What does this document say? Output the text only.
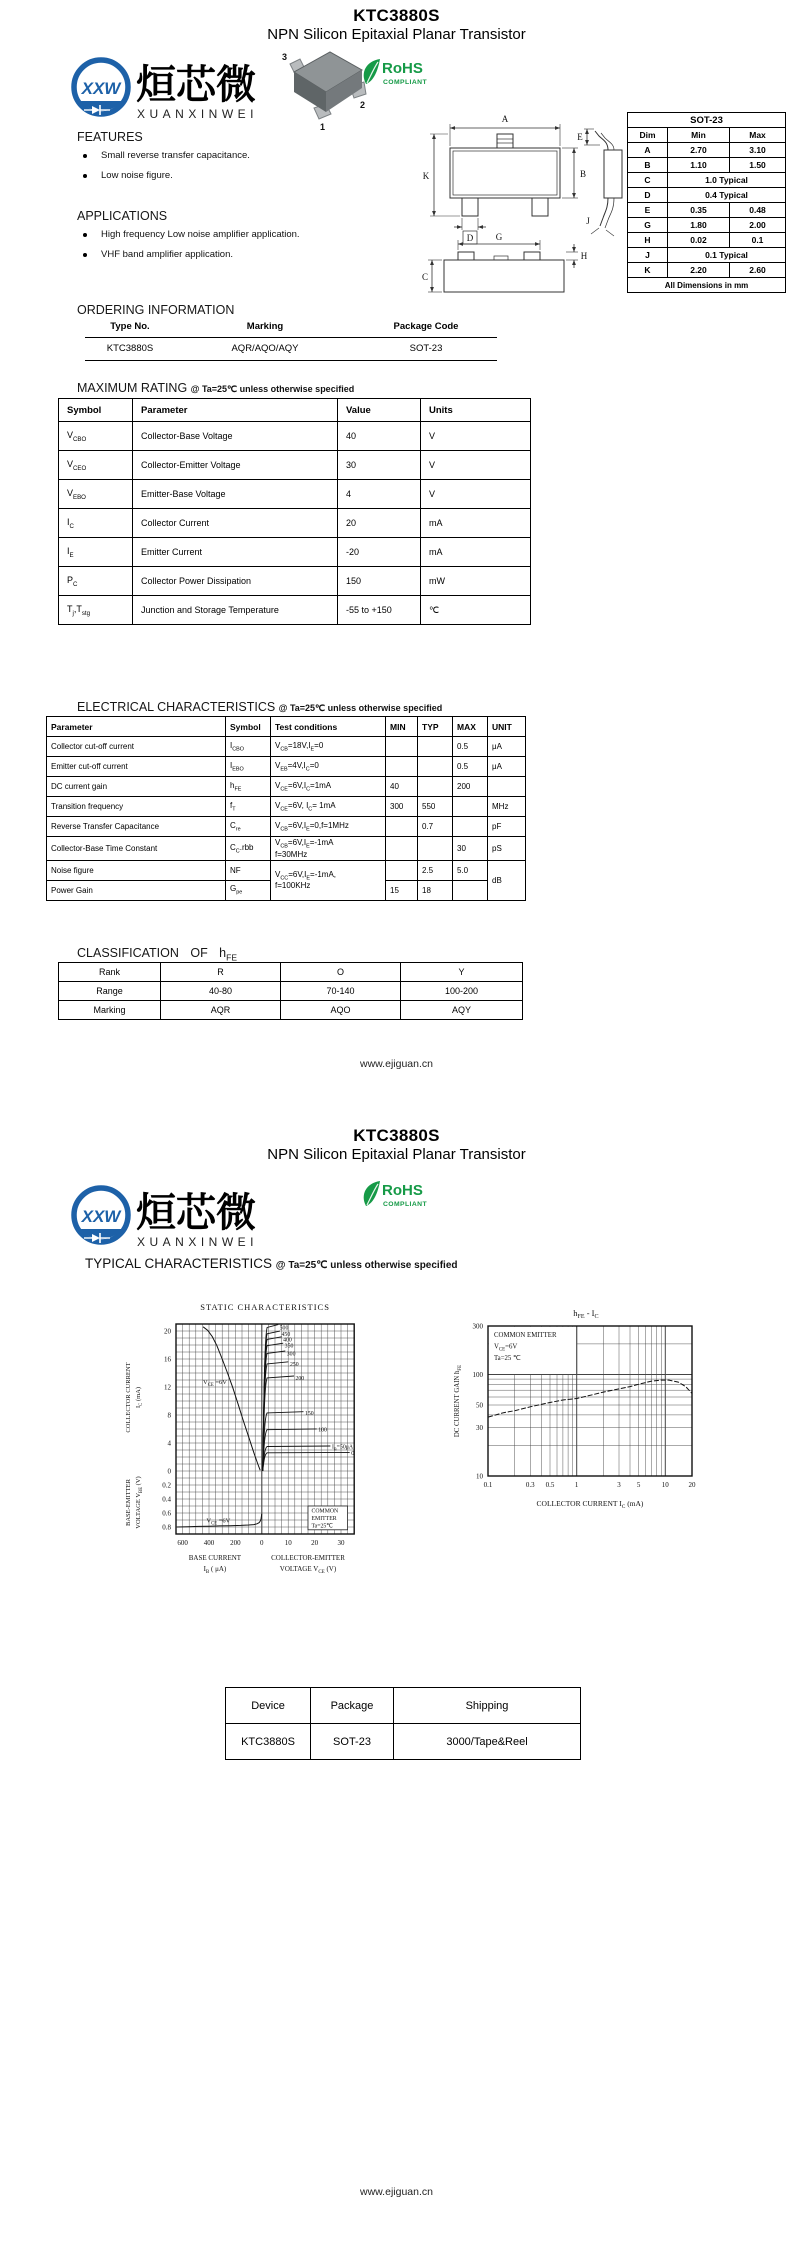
KTC3880S
NPN Silicon Epitaxial Planar Transistor
XXW 烜芯微
XUANXINWEI
3
2
1
RoHS
COMPLIANT
FEATURES
Small reverse transfer capacitance.
Low noise figure.
APPLICATIONS
High frequency Low noise amplifier application.
VHF band amplifier application.
A
B
K
D
E
J
G
H
C
SOT-23		
Dim	Min	Max
A	2.70	3.10
B	1.10	1.50
C	1.0 Typical	
D	0.4 Typical	
E	0.35	0.48
G	1.80	2.00
H	0.02	0.1
J	0.1 Typical	
K	2.20	2.60
All Dimensions in mm		
ORDERING INFORMATION
Type No.	Marking	Package Code
KTC3880S	AQR/AQO/AQY	SOT-23
MAXIMUM RATING @ Ta=25℃ unless otherwise specified
Symbol	Parameter	Value	Units
$V_{CBO}$	Collector-Base Voltage	40	V
$V_{CEO}$	Collector-Emitter Voltage	30	V
$V_{EBO}$	Emitter-Base Voltage	4	V
$I_C$	Collector Current	20	mA
$I_E$	Emitter Current	-20	mA
$P_C$	Collector Power Dissipation	150	mW
$T_j,T_{stg}$	Junction and Storage Temperature	-55 to +150	℃
ELECTRICAL CHARACTERISTICS @ Ta=25℃ unless otherwise specified
Parameter	Symbol	Test conditions	MIN	TYP	MAX	UNIT
Collector cut-off current	$I_{CBO}$	$V_{CB}=18V,I_E=0$			0.5	μA
Emitter cut-off current	$I_{EBO}$	$V_{EB}=4V,I_C=0$			0.5	μA
DC current gain	$h_{FE}$	$V_{CE}=6V,I_C=1mA$	40		200	
Transition frequency	$f_T$	$V_{CE}=6V$, $I_C= 1mA$	300	550		MHz
Reverse Transfer Capacitance	$C_{re}$	$V_{CB}=6V,I_E=0,f=1MHz$		0.7		pF
Collector-Base Time Constant	$C_C.rbb$	$V_{CB}=6V,I_E=-1mA$
f=30MHz			30	pS
Noise figure	NF	$V_{CC}=6V,I_E=-1mA$,
f=100KHz		2.5	5.0	dB
Power Gain	$G_{pe}$		15	18		
CLASSIFICATION OF $h_{FE}$
Rank	R	O	Y
Range	40-80	70-140	100-200
Marking	AQR	AQO	AQY
www.ejiguan.cn
KTC3880S
NPN Silicon Epitaxial Planar Transistor
XXW 烜芯微
XUANXINWEI
RoHS
COMPLIANT
TYPICAL CHARACTERISTICS @ Ta=25℃ unless otherwise specified
STATIC CHARACTERISTICS
500
450
400
350
300
250
200
150
100
$I_B=50\mu A$
0
$V_{CE} =6V$
$V_{CE} =6V$
COMMON
EMITTER
Ta=25℃
20
16
12
8
4
0
0.2
0.4
0.6
0.8
600 400 200	0	10	20	30
BASE CURRENT
$I_B$ ( μA)
COLLECTOR-EMITTER
VOLTAGE $V_{CE}$ (V)
COLLECTOR CURRENT $I_C$ (mA)
BASE-EMITTER VOLTAGE $V_{BE}$ (V)
$h_{FE} - I_C$
COMMON EMITTER
$V_{CE}=6V$
Ta=25 ℃
0.1	0.3 0.5	1	3 5	10	20
10
30
50
100
300
COLLECTOR CURRENT $I_C$ (mA)
DC CURRENT GAIN $h_{FE}$
Device	Package	Shipping
KTC3880S	SOT-23	3000/Tape&Reel
www.ejiguan.cn
